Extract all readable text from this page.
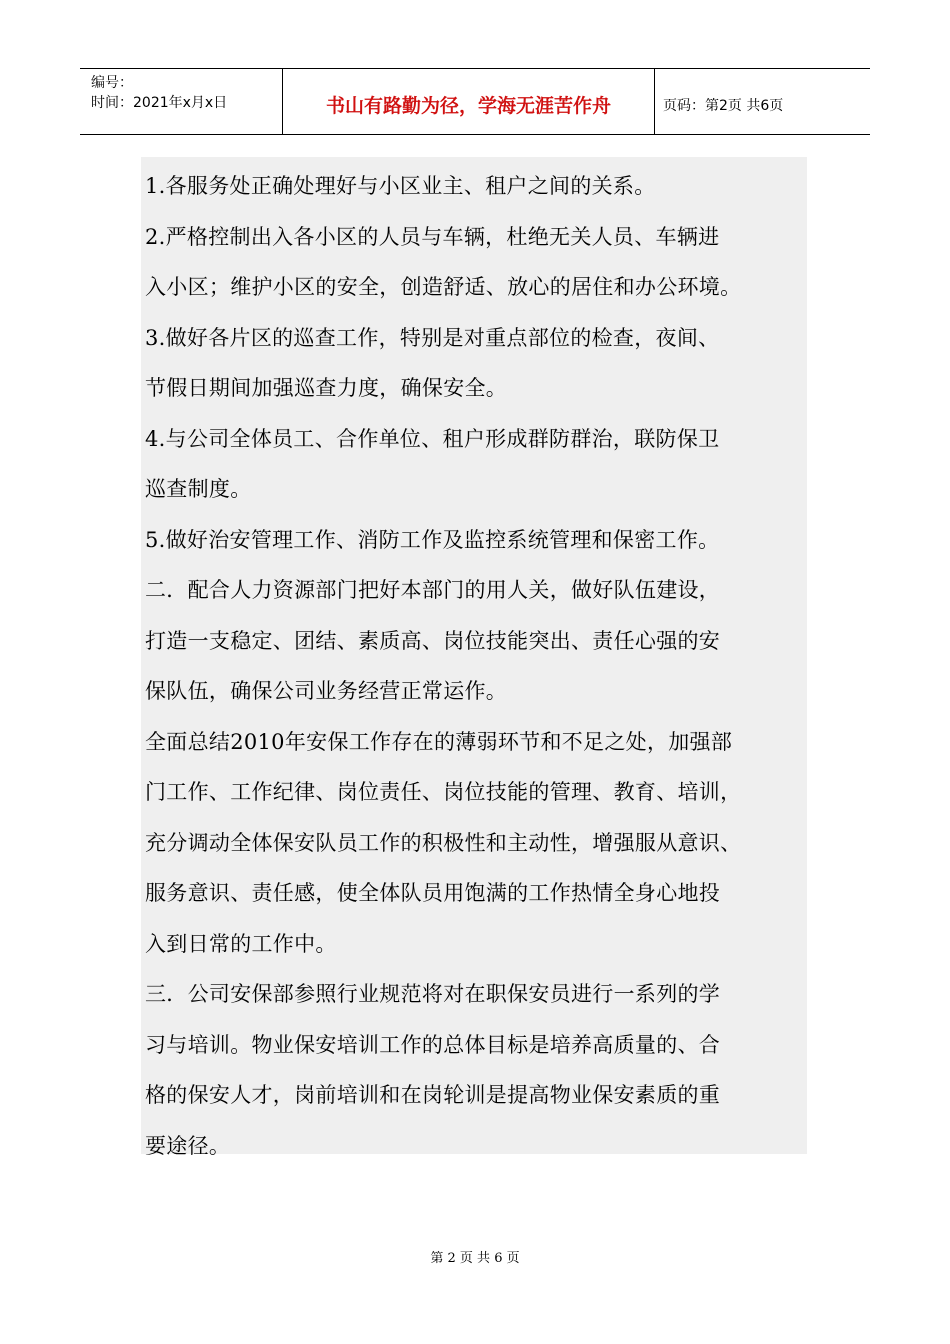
编号：
时间：2021年x月x日	书山有路勤为径，学海无涯苦作舟	页码：第2页 共6页

1.各服务处正确处理好与小区业主、租户之间的关系。

2.严格控制出入各小区的人员与车辆，杜绝无关人员、车辆进

入小区；维护小区的安全，创造舒适、放心的居住和办公环境。

3.做好各片区的巡查工作，特别是对重点部位的检查，夜间、

节假日期间加强巡查力度，确保安全。

4.与公司全体员工、合作单位、租户形成群防群治，联防保卫

巡查制度。

5.做好治安管理工作、消防工作及监控系统管理和保密工作。

二．配合人力资源部门把好本部门的用人关，做好队伍建设，

打造一支稳定、团结、素质高、岗位技能突出、责任心强的安

保队伍，确保公司业务经营正常运作。

全面总结2010年安保工作存在的薄弱环节和不足之处，加强部

门工作、工作纪律、岗位责任、岗位技能的管理、教育、培训，

充分调动全体保安队员工作的积极性和主动性，增强服从意识、

服务意识、责任感，使全体队员用饱满的工作热情全身心地投

入到日常的工作中。

三．公司安保部参照行业规范将对在职保安员进行一系列的学

习与培训。物业保安培训工作的总体目标是培养高质量的、合

格的保安人才，岗前培训和在岗轮训是提高物业保安素质的重

要途径。

第 2 页 共 6 页
